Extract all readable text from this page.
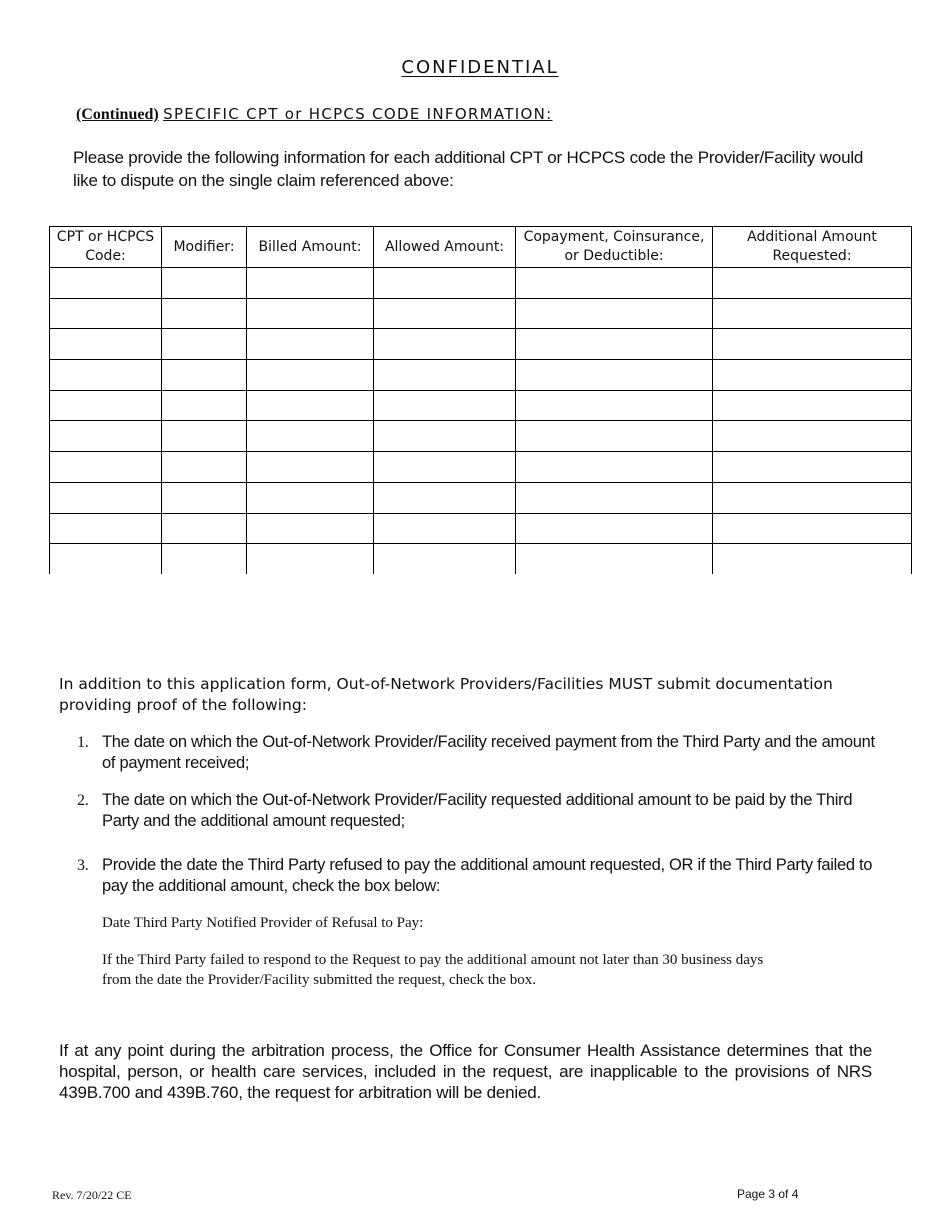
CONFIDENTIAL
(Continued) SPECIFIC CPT or HCPCS CODE INFORMATION:
Please provide the following information for each additional CPT or HCPCS code the Provider/Facility would like to dispute on the single claim referenced above:
CPT or HCPCS Code:	Modifier:	Billed Amount:	Allowed Amount:	Copayment, Coinsurance, or Deductible:	Additional Amount Requested:

In addition to this application form, Out-of-Network Providers/Facilities MUST submit documentation providing proof of the following:
1. The date on which the Out-of-Network Provider/Facility received payment from the Third Party and the amount of payment received;
2. The date on which the Out-of-Network Provider/Facility requested additional amount to be paid by the Third Party and the additional amount requested;
3. Provide the date the Third Party refused to pay the additional amount requested, OR if the Third Party failed to pay the additional amount, check the box below:
Date Third Party Notified Provider of Refusal to Pay:
If the Third Party failed to respond to the Request to pay the additional amount not later than 30 business days from the date the Provider/Facility submitted the request, check the box.
If at any point during the arbitration process, the Office for Consumer Health Assistance determines that the hospital, person, or health care services, included in the request, are inapplicable to the provisions of NRS 439B.700 and 439B.760, the request for arbitration will be denied.
Rev. 7/20/22 CE	Page 3 of 4
